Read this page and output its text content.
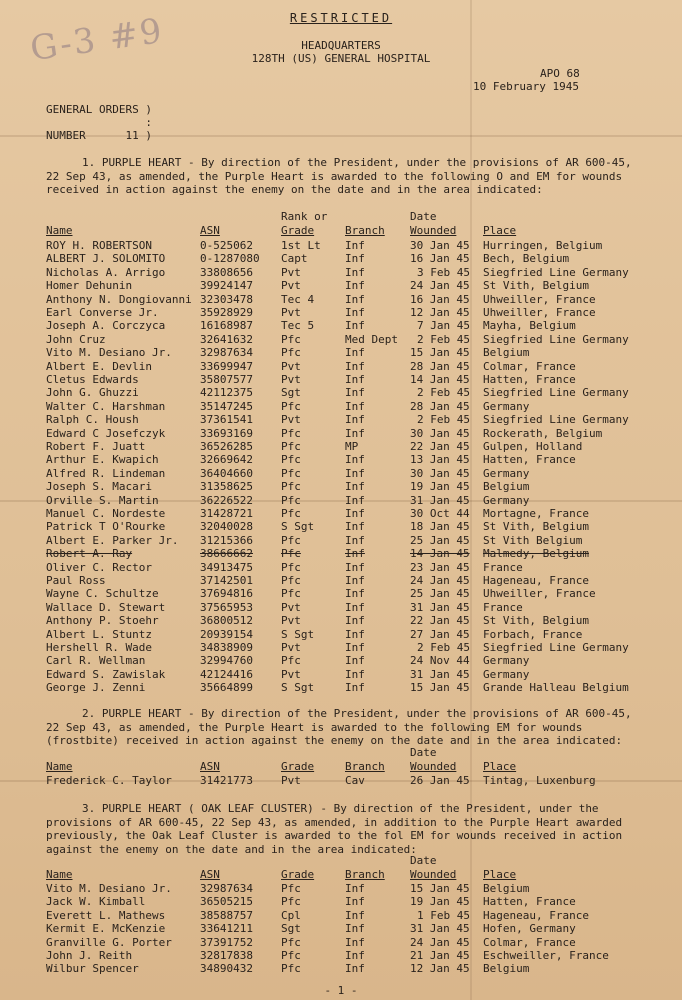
G-3 #9	RESTRICTED
HEADQUARTERS
128TH (US) GENERAL HOSPITAL
APO 68
10 February 1945
GENERAL ORDERS )
:
NUMBER      11 )
1. PURPLE HEART - By direction of the President, under the provisions of AR 600-45, 22 Sep 43, as amended, the Purple Heart is awarded to the following O and EM for wounds received in action against the enemy on the date and in the area indicated:
2. PURPLE HEART - By direction of the President, under the provisions of AR 600-45, 22 Sep 43, as amended, the Purple Heart is awarded to the following EM for wounds (frostbite) received in action against the enemy on the date and in the area indicated:
3. PURPLE HEART ( OAK LEAF CLUSTER) - By direction of the President, under the provisions of AR 600-45, 22 Sep 43, as amended, in addition to the Purple Heart awarded previously, the Oak Leaf Cluster is awarded to the fol EM for wounds received in action against the enemy on the date and in the area indicated:
- 1 -
Rank or	Date
Name	ASN	Grade	Branch Wounded Place
ROY H. ROBERTSON	0-525062	1st Lt Inf	30 Jan 45 Hurringen, Belgium
ALBERT J. SOLOMITO	0-1287080 Capt	Inf	16 Jan 45 Bech, Belgium
Nicholas A. Arrigo	33808656	Pvt	Inf	3 Feb 45 Siegfried Line Germany
Homer Dehunin	39924147	Pvt	Inf	24 Jan 45 St Vith, Belgium
Anthony N. Dongiovanni 32303478	Tec 4	Inf	16 Jan 45 Uhweiller, France
Earl Converse Jr.	35928929	Pvt	Inf	12 Jan 45 Uhweiller, France
Joseph A. Corczyca	16168987	Tec 5	Inf	7 Jan 45 Mayha, Belgium
John Cruz	32641632	Pfc	Med Dept 2 Feb 45 Siegfried Line Germany
Vito M. Desiano Jr.	32987634	Pfc	Inf	15 Jan 45 Belgium
Albert E. Devlin	33699947	Pvt	Inf	28 Jan 45 Colmar, France
Cletus Edwards	35807577	Pvt	Inf	14 Jan 45 Hatten, France
John G. Ghuzzi	42112375	Sgt	Inf	2 Feb 45 Siegfried Line Germany
Walter C. Harshman	35147245	Pfc	Inf	28 Jan 45 Germany
Ralph C. Housh	37361541	Pvt	Inf	2 Feb 45 Siegfried Line Germany
Edward C Josefczyk	33693169	Pfc	Inf	30 Jan 45 Rockerath, Belgium
Robert F. Juatt	36526285	Pfc	MP	22 Jan 45 Gulpen, Holland
Arthur E. Kwapich	32669642	Pfc	Inf	13 Jan 45 Hatten, France
Alfred R. Lindeman	36404660	Pfc	Inf	30 Jan 45 Germany
Joseph S. Macari	31358625	Pfc	Inf	19 Jan 45 Belgium
Orville S. Martin	36226522	Pfc	Inf	31 Jan 45 Germany
Manuel C. Nordeste	31428721	Pfc	Inf	30 Oct 44 Mortagne, France
Patrick T O'Rourke	32040028	S Sgt	Inf	18 Jan 45 St Vith, Belgium
Albert E. Parker Jr. 31215366	Pfc	Inf	25 Jan 45 St Vith Belgium
Robert A. Ray	38666662	Pfc	Inf	14 Jan 45 Malmedy, Belgium
Oliver C. Rector	34913475	Pfc	Inf	23 Jan 45 France
Paul Ross	37142501	Pfc	Inf	24 Jan 45 Hageneau, France
Wayne C. Schultze	37694816	Pfc	Inf	25 Jan 45 Uhweiller, France
Wallace D. Stewart	37565953	Pvt	Inf	31 Jan 45 France
Anthony P. Stoehr	36800512	Pvt	Inf	22 Jan 45 St Vith, Belgium
Albert L. Stuntz	20939154	S Sgt	Inf	27 Jan 45 Forbach, France
Hershell R. Wade	34838909	Pvt	Inf	2 Feb 45 Siegfried Line Germany
Carl R. Wellman	32994760	Pfc	Inf	24 Nov 44 Germany
Edward S. Zawislak	42124416	Pvt	Inf	31 Jan 45 Germany
George J. Zenni	35664899	S Sgt	Inf	15 Jan 45 Grande Halleau Belgium
Date
Name	ASN	Grade	Branch Wounded Place
Frederick C. Taylor	31421773	Pvt	Cav	26 Jan 45 Tintag, Luxenburg
Date
Name	ASN	Grade	Branch Wounded Place
Vito M. Desiano Jr.	32987634	Pfc	Inf	15 Jan 45 Belgium
Jack W. Kimball	36505215	Pfc	Inf	19 Jan 45 Hatten, France
Everett L. Mathews	38588757	Cpl	Inf	1 Feb 45 Hageneau, France
Kermit E. McKenzie	33641211	Sgt	Inf	31 Jan 45 Hofen, Germany
Granville G. Porter	37391752	Pfc	Inf	24 Jan 45 Colmar, France
John J. Reith	32817838	Pfc	Inf	21 Jan 45 Eschweiller, France
Wilbur Spencer	34890432	Pfc	Inf	12 Jan 45 Belgium
